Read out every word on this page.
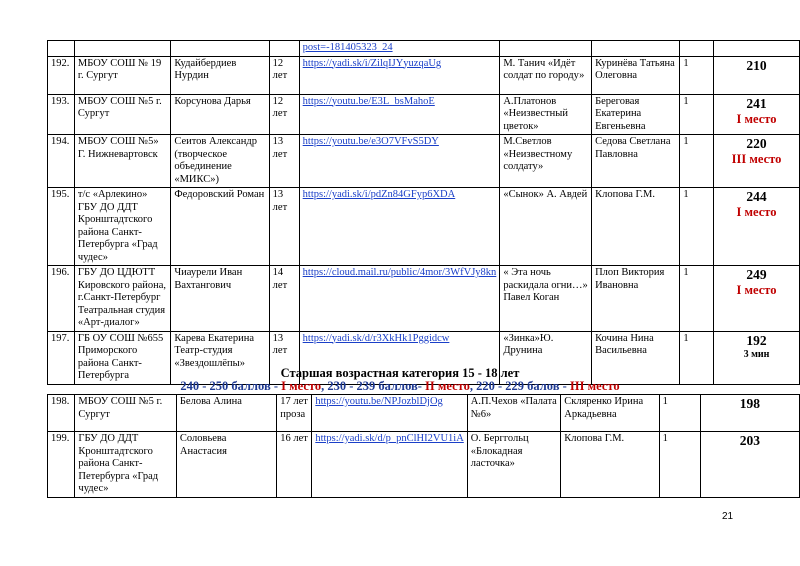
				post=-181405323_24				
192.	МБОУ СОШ № 19 г. Сургут	Кудайбердиев Нурдин	12 лет	https://yadi.sk/i/ZilqIJYyuzqaUg	М. Танич «Идёт солдат по городу»	Куринёва Татьяна Олеговна	1	210

193.	МБОУ СОШ №5 г. Сургут	Корсунова Дарья	12 лет	https://youtu.be/E3L_bsMahoE	А.Платонов «Неизвестный цветок»	Береговая Екатерина Евгеньевна	1	241
I место

194.	МБОУ СОШ №5» Г. Нижневартовск	Сеитов Александр (творческое объединение «МИКС»)	13 лет	https://youtu.be/e3O7VFvS5DY	М.Светлов «Неизвестному солдату»	Седова Светлана Павловна	1	220
III место

195.	т/с «Арлекино» ГБУ ДО ДДТ Кронштадтского района Санкт-Петербурга «Град чудес»	Федоровский Роман	13 лет	https://yadi.sk/i/pdZn84GFyp6XDA	«Сынок» А. Авдей	Клопова Г.М.	1	244
I место

196.	ГБУ ДО ЦДЮТТ Кировского района, г.Санкт-Петербург Театральная студия «Арт-диалог»	Чиаурели Иван Вахтангович	14 лет	https://cloud.mail.ru/public/4mor/3WfVJy8kn	« Эта ночь раскидала огни…» Павел Коган	Плоп Виктория Ивановна	1	249
I место

197.	ГБ ОУ СОШ №655 Приморского района Санкт-Петербурга	Карева Екатерина Театр-студия «Звездошлёпы»	13 лет	https://yadi.sk/d/r3XkHk1Pggidcw	«Зинка»Ю. Друнина	Кочина Нина Васильевна	1	192
3 мин
Старшая возрастная категория 15 - 18 лет
240 - 250 баллов - I место, 230 - 239 баллов- II место, 220 - 229 балов - III место
198.	МБОУ СОШ №5 г. Сургут	Белова Алина	17 лет проза	https://youtu.be/NPJozblDjOg	А.П.Чехов «Палата №6»	Скляренко Ирина Аркадьевна	1	198

199.	ГБУ ДО ДДТ Кронштадтского района Санкт-Петербурга «Град чудес»	Соловьева Анастасия	16 лет	https://yadi.sk/d/p_pnClHI2VU1iA	О. Берггольц «Блокадная ласточка»	Клопова Г.М.	1	203
21
